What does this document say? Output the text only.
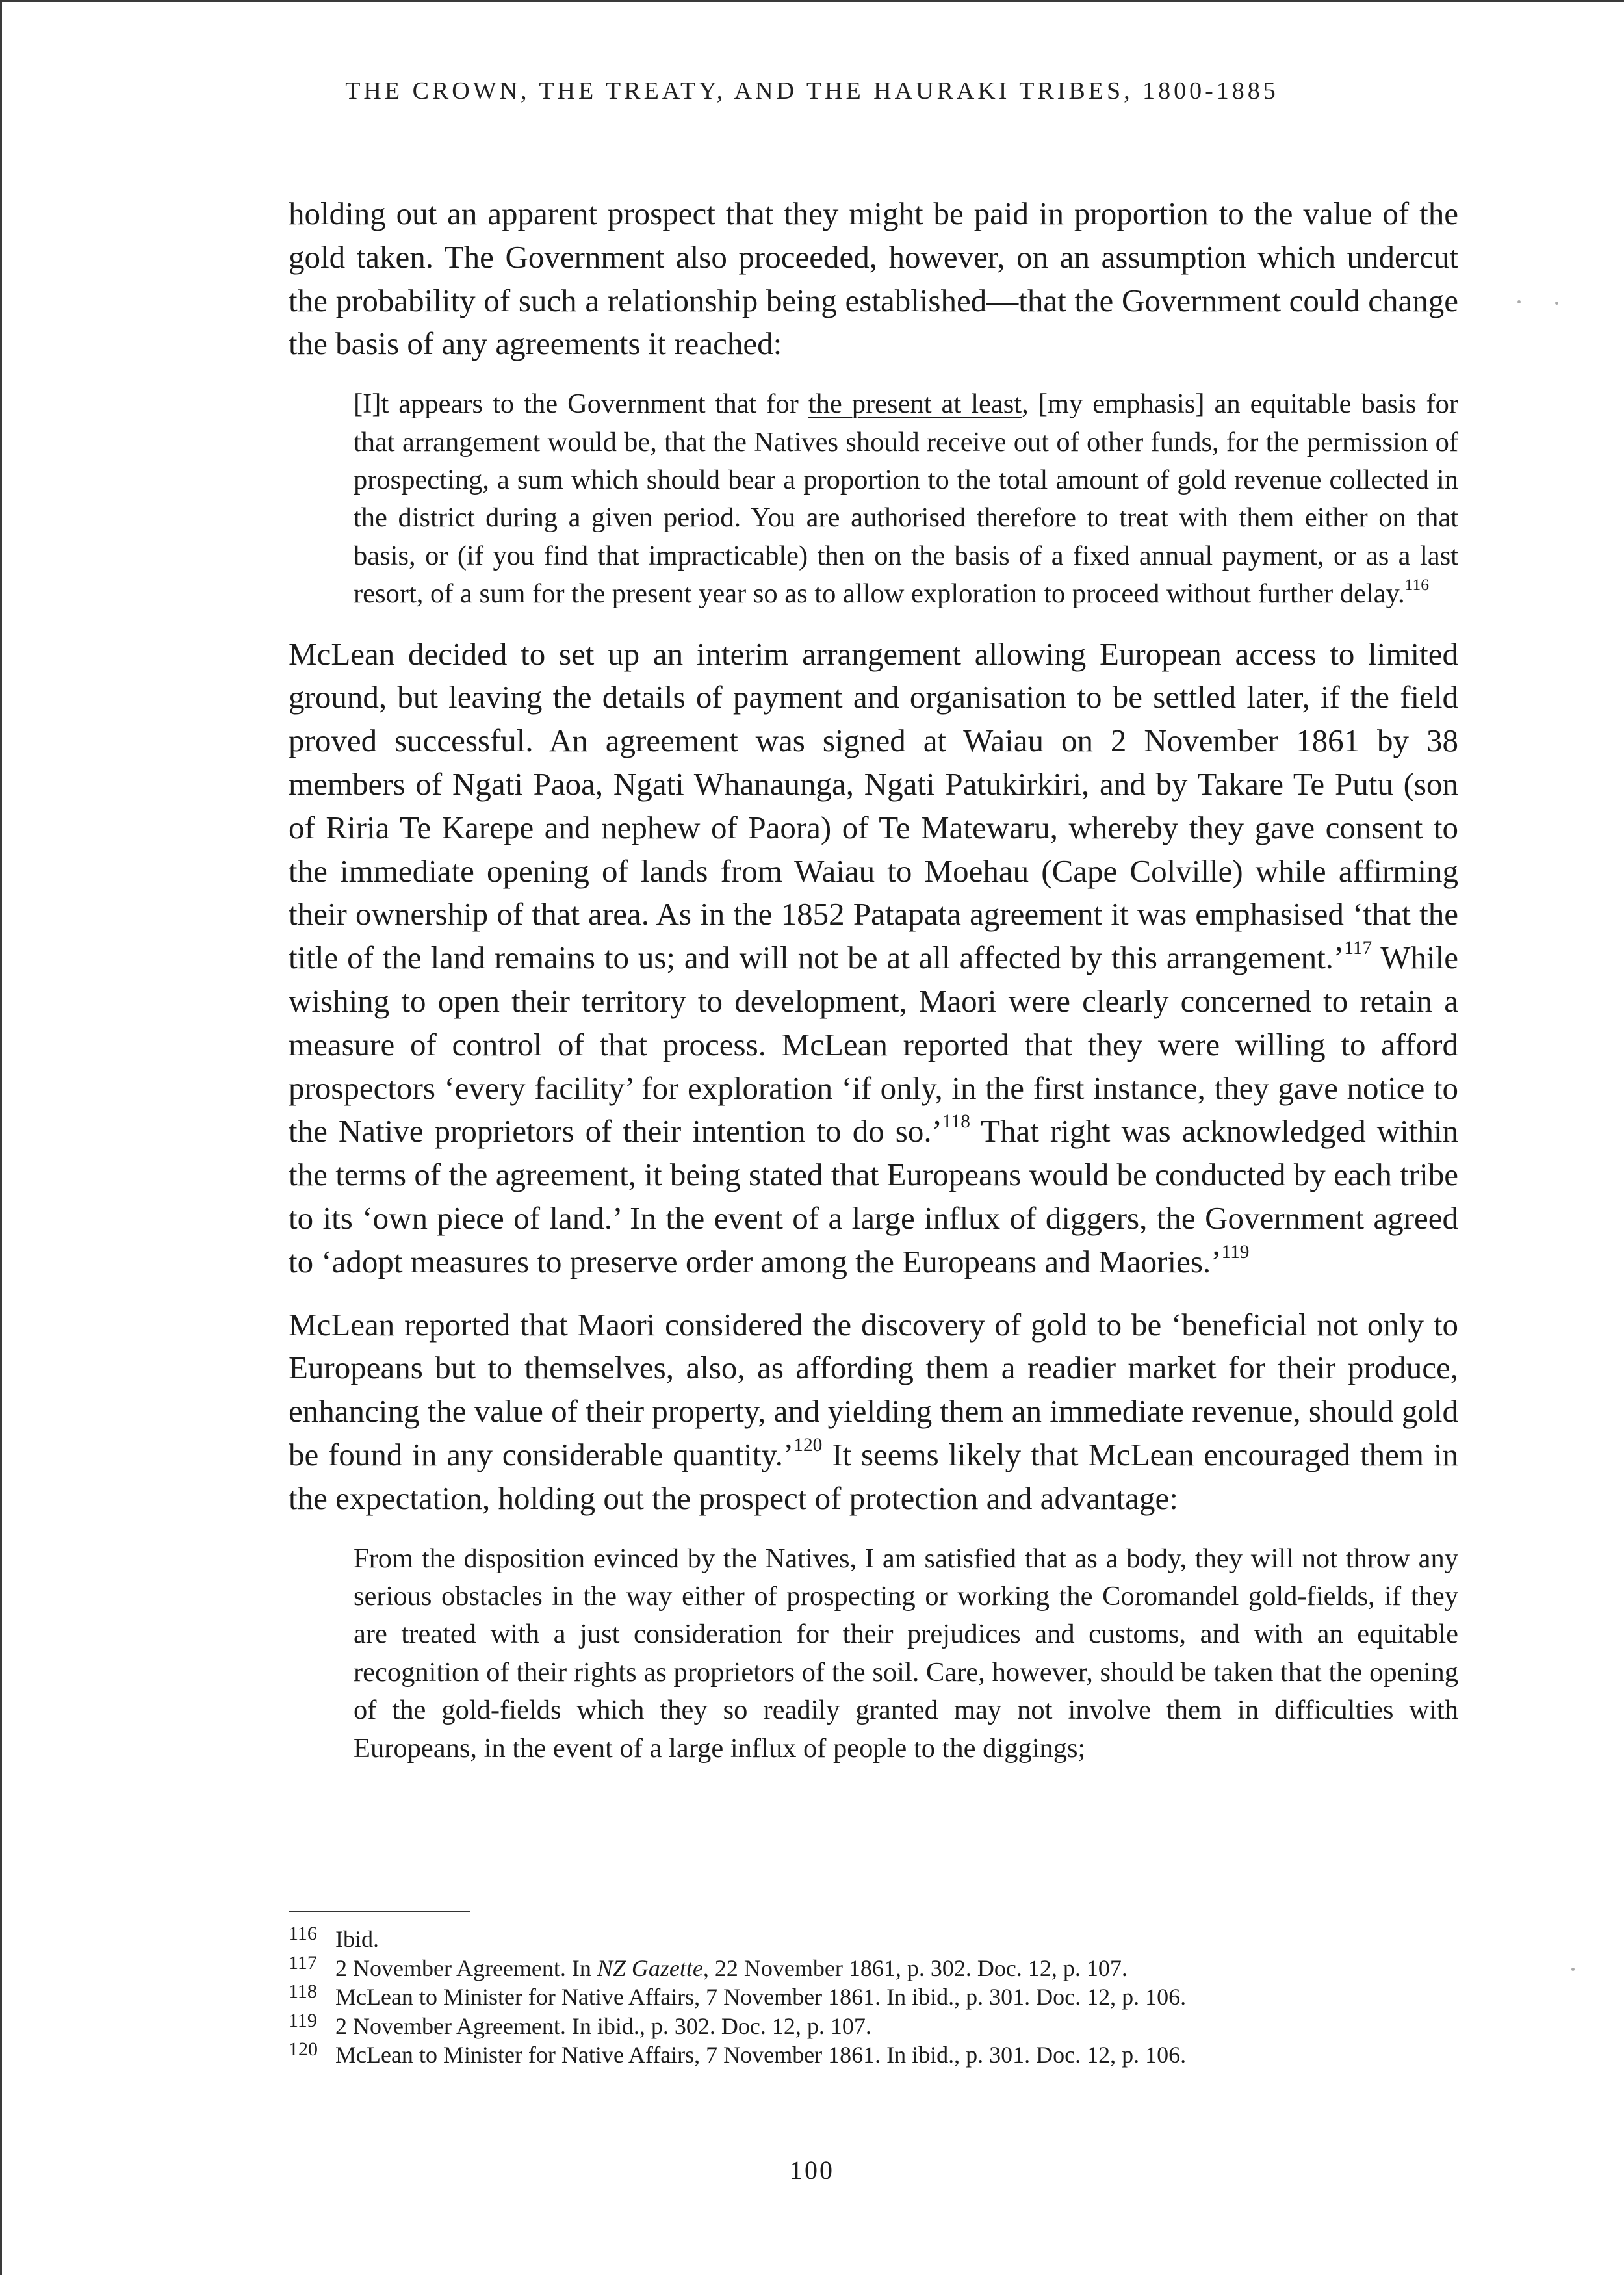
THE CROWN, THE TREATY, AND THE HAURAKI TRIBES, 1800-1885

holding out an apparent prospect that they might be paid in proportion to the value of the gold taken. The Government also proceeded, however, on an assumption which undercut the probability of such a relationship being established—that the Government could change the basis of any agreements it reached:

[I]t appears to the Government that for the present at least, [my emphasis] an equitable basis for that arrangement would be, that the Natives should receive out of other funds, for the permission of prospecting, a sum which should bear a proportion to the total amount of gold revenue collected in the district during a given period. You are authorised therefore to treat with them either on that basis, or (if you find that impracticable) then on the basis of a fixed annual payment, or as a last resort, of a sum for the present year so as to allow exploration to proceed without further delay.$^{116}$

McLean decided to set up an interim arrangement allowing European access to limited ground, but leaving the details of payment and organisation to be settled later, if the field proved successful. An agreement was signed at Waiau on 2 November 1861 by 38 members of Ngati Paoa, Ngati Whanaunga, Ngati Patukirkiri, and by Takare Te Putu (son of Riria Te Karepe and nephew of Paora) of Te Matewaru, whereby they gave consent to the immediate opening of lands from Waiau to Moehau (Cape Colville) while affirming their ownership of that area. As in the 1852 Patapata agreement it was emphasised ‘that the title of the land remains to us; and will not be at all affected by this arrangement.’$^{117}$ While wishing to open their territory to development, Maori were clearly concerned to retain a measure of control of that process. McLean reported that they were willing to afford prospectors ‘every facility’ for exploration ‘if only, in the first instance, they gave notice to the Native proprietors of their intention to do so.’$^{118}$ That right was acknowledged within the terms of the agreement, it being stated that Europeans would be conducted by each tribe to its ‘own piece of land.’ In the event of a large influx of diggers, the Government agreed to ‘adopt measures to preserve order among the Europeans and Maories.’$^{119}$

McLean reported that Maori considered the discovery of gold to be ‘beneficial not only to Europeans but to themselves, also, as affording them a readier market for their produce, enhancing the value of their property, and yielding them an immediate revenue, should gold be found in any considerable quantity.’$^{120}$ It seems likely that McLean encouraged them in the expectation, holding out the prospect of protection and advantage:

From the disposition evinced by the Natives, I am satisfied that as a body, they will not throw any serious obstacles in the way either of prospecting or working the Coromandel gold-fields, if they are treated with a just consideration for their prejudices and customs, and with an equitable recognition of their rights as proprietors of the soil. Care, however, should be taken that the opening of the gold-fields which they so readily granted may not involve them in difficulties with Europeans, in the event of a large influx of people to the diggings;
116 Ibid.
117 2 November Agreement. In NZ Gazette, 22 November 1861, p. 302. Doc. 12, p. 107.
118 McLean to Minister for Native Affairs, 7 November 1861. In ibid., p. 301. Doc. 12, p. 106.
119 2 November Agreement. In ibid., p. 302. Doc. 12, p. 107.
120 McLean to Minister for Native Affairs, 7 November 1861. In ibid., p. 301. Doc. 12, p. 106.
100
